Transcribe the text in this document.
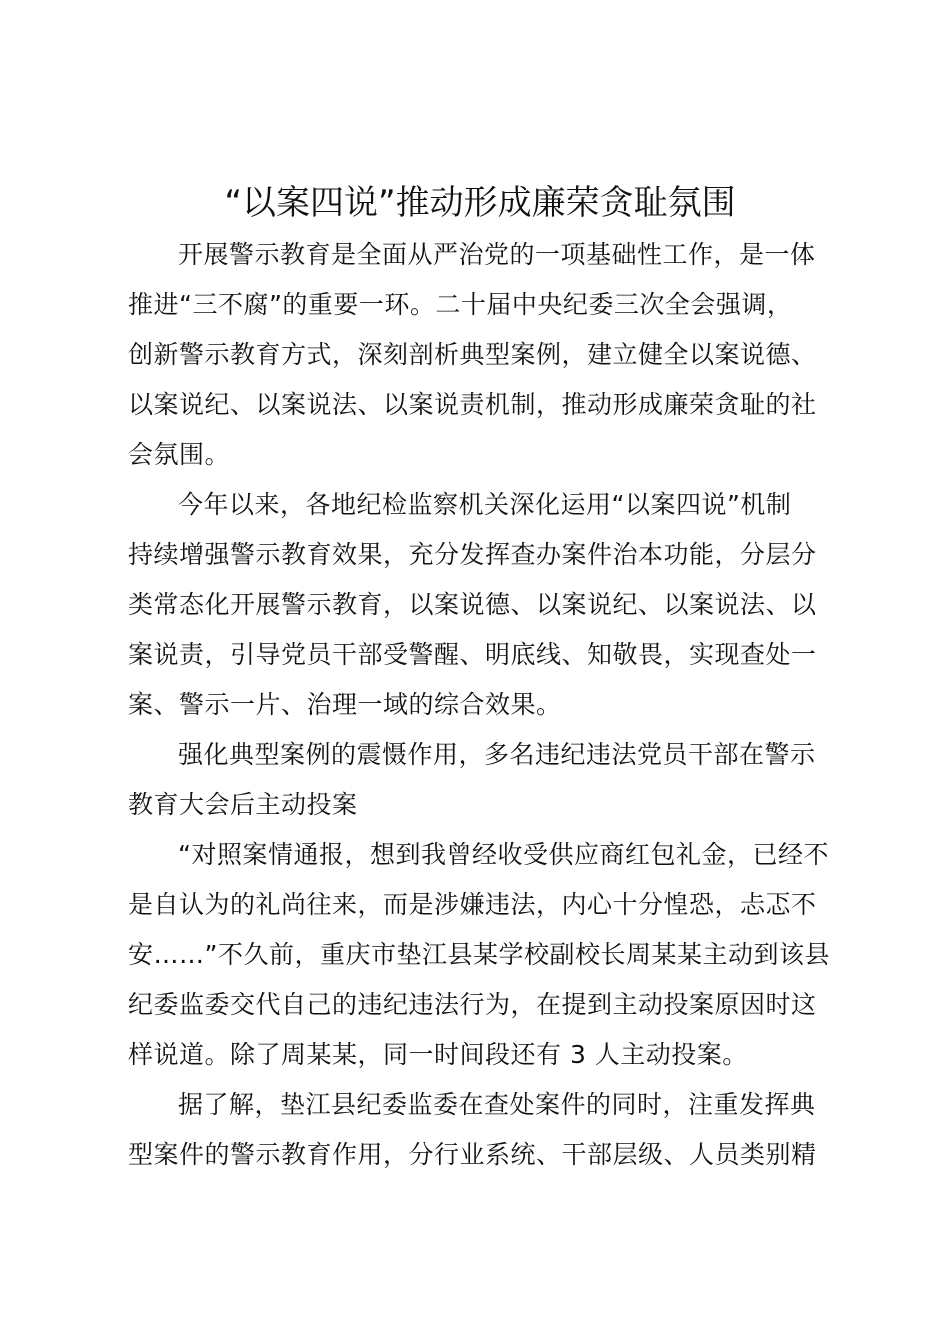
“以案四说”推动形成廉荣贪耻氛围

开展警示教育是全面从严治党的一项基础性工作，是一体
推进“三不腐”的重要一环。二十届中央纪委三次全会强调，
创新警示教育方式，深刻剖析典型案例，建立健全以案说德、
以案说纪、以案说法、以案说责机制，推动形成廉荣贪耻的社
会氛围。

今年以来，各地纪检监察机关深化运用“以案四说”机制
持续增强警示教育效果，充分发挥查办案件治本功能，分层分
类常态化开展警示教育，以案说德、以案说纪、以案说法、以
案说责，引导党员干部受警醒、明底线、知敬畏，实现查处一
案、警示一片、治理一域的综合效果。

强化典型案例的震慑作用，多名违纪违法党员干部在警示
教育大会后主动投案

“对照案情通报，想到我曾经收受供应商红包礼金，已经不
是自认为的礼尚往来，而是涉嫌违法，内心十分惶恐，忐忑不
安……”不久前，重庆市垫江县某学校副校长周某某主动到该县
纪委监委交代自己的违纪违法行为，在提到主动投案原因时这
样说道。除了周某某，同一时间段还有 3 人主动投案。

据了解，垫江县纪委监委在查处案件的同时，注重发挥典
型案件的警示教育作用，分行业系统、干部层级、人员类别精
